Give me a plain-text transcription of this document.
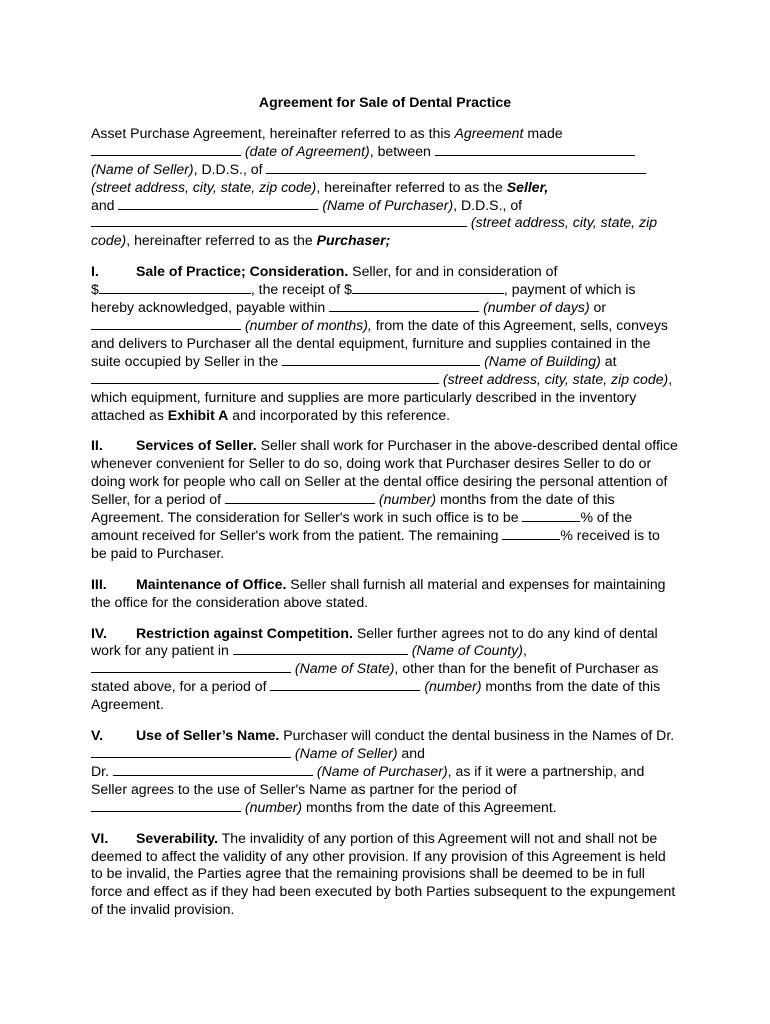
Agreement for Sale of Dental Practice
Asset Purchase Agreement, hereinafter referred to as this Agreement made
(date of Agreement), between
(Name of Seller), D.D.S., of
(street address, city, state, zip code), hereinafter referred to as the Seller,
and	(Name of Purchaser), D.D.S., of
(street address, city, state, zip code), hereinafter referred to as the Purchaser;
I.	Sale of Practice; Consideration. Seller, for and in consideration of
$	, the receipt of $	, payment of which is hereby acknowledged, payable within	(number of days) or
(number of months), from the date of this Agreement, sells, conveys and delivers to Purchaser all the dental equipment, furniture and supplies contained in the suite occupied by Seller in the	(Name of Building) at  (street address, city, state, zip code), which equipment, furniture and supplies are more particularly described in the inventory attached as Exhibit A and incorporated by this reference.
II. Services of Seller. Seller shall work for Purchaser in the above-described dental office whenever convenient for Seller to do so, doing work that Purchaser desires Seller to do or doing work for people who call on Seller at the dental office desiring the personal attention of Seller, for a period of	(number) months from the date of this Agreement. The consideration for Seller's work in such office is to be	% of the amount received for Seller's work from the patient. The remaining	% received is to be paid to Purchaser.
III. Maintenance of Office. Seller shall furnish all material and expenses for maintaining the office for the consideration above stated.
IV. Restriction against Competition. Seller further agrees not to do any kind of dental work for any patient in	(Name of County),
(Name of State), other than for the benefit of Purchaser as stated above, for a period of	(number) months from the date of this Agreement.
V. Use of Seller’s Name. Purchaser will conduct the dental business in the Names of Dr.  (Name of Seller) and
Dr.	(Name of Purchaser), as if it were a partnership, and Seller agrees to the use of Seller's Name as partner for the period of
(number) months from the date of this Agreement.
VI. Severability. The invalidity of any portion of this Agreement will not and shall not be deemed to affect the validity of any other provision. If any provision of this Agreement is held to be invalid, the Parties agree that the remaining provisions shall be deemed to be in full force and effect as if they had been executed by both Parties subsequent to the expungement of the invalid provision.
